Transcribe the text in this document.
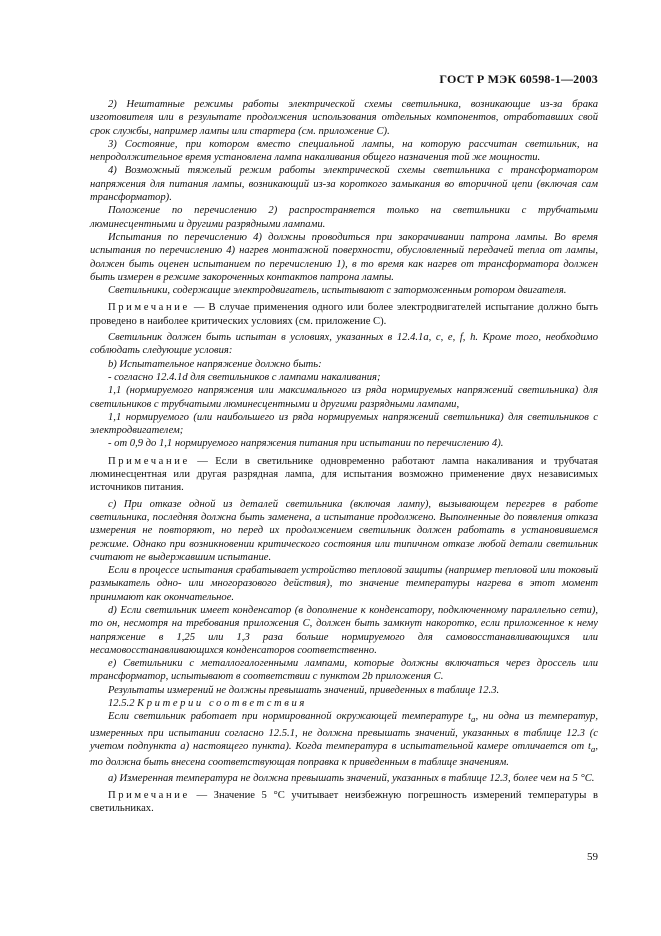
ГОСТ Р МЭК 60598-1—2003

2) Нештатные режимы работы электрической схемы светильника, возникающие из-за брака изготовителя или в результате продолжения использования отдельных компонентов, отработавших свой срок службы, например лампы или стартера (см. приложение С).

3) Состояние, при котором вместо специальной лампы, на которую рассчитан светильник, на непродолжительное время установлена лампа накаливания общего назначения той же мощности.

4) Возможный тяжелый режим работы электрической схемы светильника с трансформатором напряжения для питания лампы, возникающий из-за короткого замыкания во вторичной цепи (включая сам трансформатор).

Положение по перечислению 2) распространяется только на светильники с трубчатыми люминесцентными и другими разрядными лампами.

Испытания по перечислению 4) должны проводиться при закорачивании патрона лампы. Во время испытания по перечислению 4) нагрев монтажной поверхности, обусловленный передачей тепла от лампы, должен быть оценен испытанием по перечислению 1), в то время как нагрев от трансформатора должен быть измерен в режиме закороченных контактов патрона лампы.

Светильники, содержащие электродвигатель, испытывают с заторможенным ротором двигателя.

Примечание — В случае применения одного или более электродвигателей испытание должно быть проведено в наиболее критических условиях (см. приложение С).

Светильник должен быть испытан в условиях, указанных в 12.4.1а, с, е, f, h. Кроме того, необходимо соблюдать следующие условия:

b) Испытательное напряжение должно быть:

- согласно 12.4.1d для светильников с лампами накаливания;

1,1 (нормируемого напряжения или максимального из ряда нормируемых напряжений светильника) для светильников с трубчатыми люминесцентными и другими разрядными лампами,

1,1 нормируемого (или наибольшего из ряда нормируемых напряжений светильника) для светильников с электродвигателем;

- от 0,9 до 1,1 нормируемого напряжения питания при испытании по перечислению 4).

Примечание — Если в светильнике одновременно работают лампа накаливания и трубчатая люминесцентная или другая разрядная лампа, для испытания возможно применение двух независимых источников питания.

с) При отказе одной из деталей светильника (включая лампу), вызывающем перегрев в работе светильника, последняя должна быть заменена, а испытание продолжено. Выполненные до появления отказа измерения не повторяют, но перед их продолжением светильник должен работать в установившемся режиме. Однако при возникновении критического состояния или типичном отказе любой детали светильник считают не выдержавшим испытание.

Если в процессе испытания срабатывает устройство тепловой защиты (например тепловой или токовый размыкатель одно- или многоразового действия), то значение температуры нагрева в этот момент принимают как окончательное.

d) Если светильник имеет конденсатор (в дополнение к конденсатору, подключенному параллельно сети), то он, несмотря на требования приложения С, должен быть замкнут накоротко, если приложенное к нему напряжение в 1,25 или 1,3 раза больше нормируемого для самовосстанавливающихся или несамовосстанавливающихся конденсаторов соответственно.

е) Светильники с металлогалогенными лампами, которые должны включаться через дроссель или трансформатор, испытывают в соответствии с пунктом 2b приложения С.

Результаты измерений не должны превышать значений, приведенных в таблице 12.3.

12.5.2 Критерии соответствия

Если светильник работает при нормированной окружающей температуре $t_a$, ни одна из температур, измеренных при испытании согласно 12.5.1, не должна превышать значений, указанных в таблице 12.3 (с учетом подпункта а) настоящего пункта). Когда температура в испытательной камере отличается от $t_a$, то должна быть внесена соответствующая поправка к приведенным в таблице значениям.

а) Измеренная температура не должна превышать значений, указанных в таблице 12.3, более чем на 5 °С.

Примечание — Значение 5 °С учитывает неизбежную погрешность измерений температуры в светильниках.

59
